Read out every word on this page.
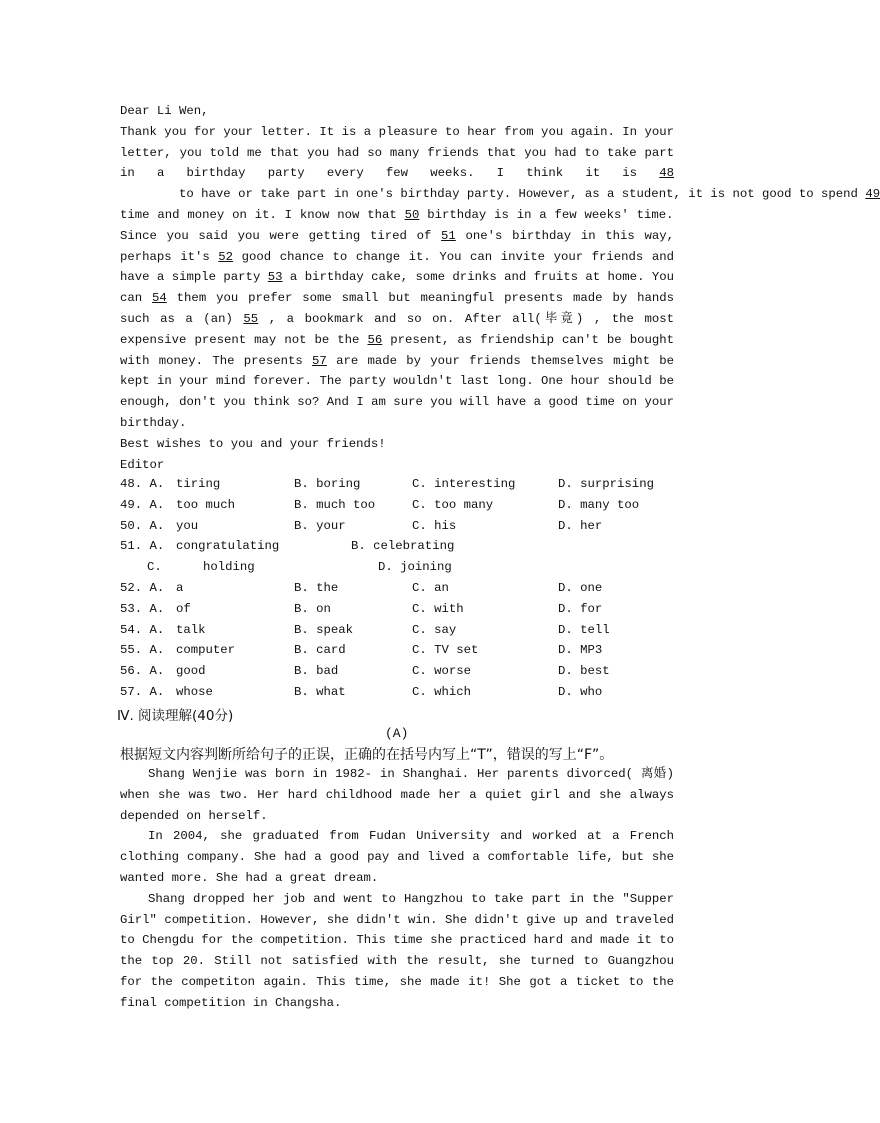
Dear Li Wen,

Thank you for your letter. It is a pleasure to hear from you again. In your letter, you told me that you had so many friends that you had to take part in a birthday party every few weeks. I think it is 48        to have or take part in one's birthday party. However, as a student, it is not good to spend 49 time and money on it. I know now that 50 birthday is in a few weeks' time. Since you said you were getting tired of 51 one's birthday in this way, perhaps it's 52 good chance to change it. You can invite your friends and have a simple party 53 a birthday cake, some drinks and fruits at home. You can 54 them you prefer some small but meaningful presents made by hands such as a (an) 55 , a bookmark and so on. After all(毕竟) , the most expensive present may not be the 56 present, as friendship can't be bought with money. The presents 57 are made by your friends themselves might be kept in your mind forever. The party wouldn't last long. One hour should be enough, don't you think so? And I am sure you will have a good time on your birthday.

Best wishes to you and your friends!

Editor

48. A. tiring	B. boring	C. interesting	D. surprising
49. A. too much	B. much too	C. too many	D. many too
50. A. you	B. your	C. his	D. her
51. A. congratulating	B. celebrating
C.	holding	D. joining
52. A. a	B. the	C. an	D. one
53. A. of	B. on	C. with	D. for
54. A. talk	B. speak	C. say	D. tell
55. A. computer	B. card	C. TV set	D. MP3
56. A. good	B. bad	C. worse	D. best
57. A. whose	B. what	C. which	D. who
Ⅳ. 阅读理解(40分)
(A)
根据短文内容判断所给句子的正误，正确的在括号内写上“T”，错误的写上“F”。

Shang Wenjie was born in 1982- in Shanghai. Her parents divorced( 离婚) when she was two. Her hard childhood made her a quiet girl and she always depended on herself.

In 2004, she graduated from Fudan University and worked at a French clothing company. She had a good pay and lived a comfortable life, but she wanted more. She had a great dream.

Shang dropped her job and went to Hangzhou to take part in the "Supper Girl" competition. However, she didn't win. She didn't give up and traveled to Chengdu for the competition. This time she practiced hard and made it to the top 20. Still not satisfied with the result, she turned to Guangzhou for the competiton again. This time, she made it! She got a ticket to the final competition in Changsha.
